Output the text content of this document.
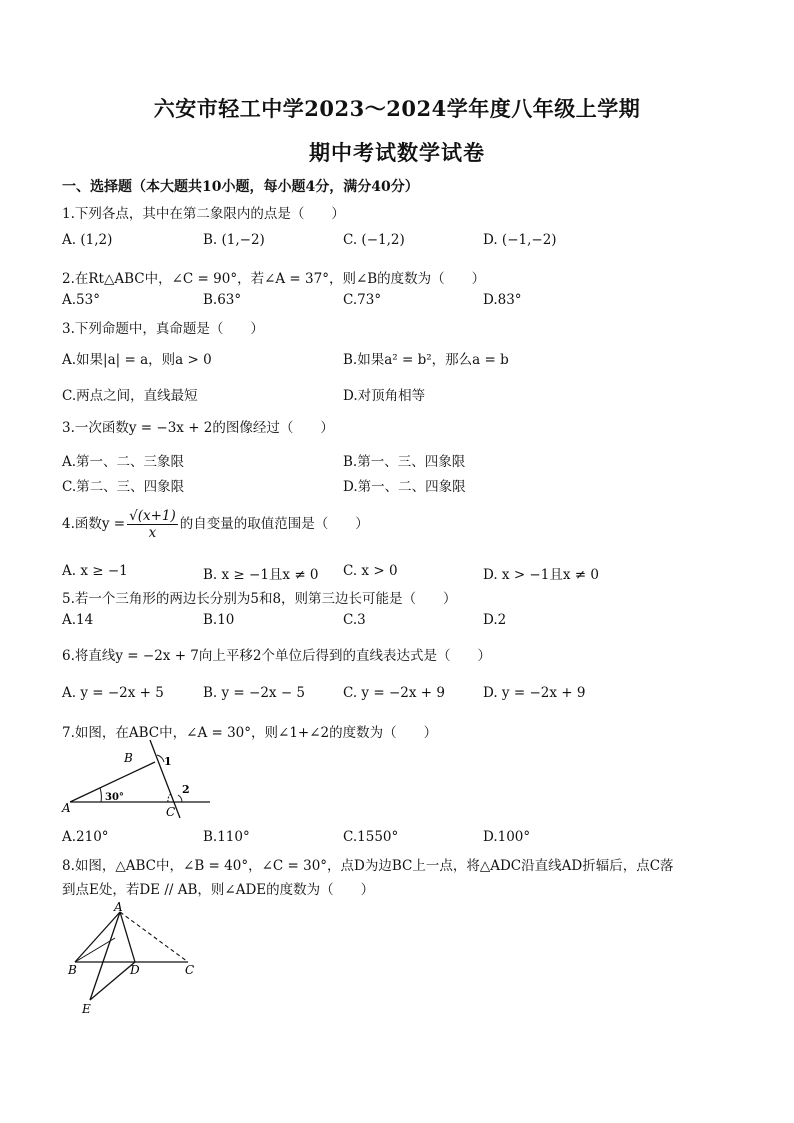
六安市轻工中学2023～2024学年度八年级上学期
期中考试数学试卷
一、选择题（本大题共10小题，每小题4分，满分40分）
1.下列各点，其中在第二象限内的点是（　　）
A. (1,2)	B. (1,−2)	C. (−1,2)	D. (−1,−2)
2.在Rt△ABC中，∠C = 90°，若∠A = 37°，则∠B的度数为（　　）
A.53°	B.63°	C.73°	D.83°
3.下列命题中，真命题是（　　）
A.如果|a| = a，则a > 0	B.如果a² = b²，那么a = b
C.两点之间，直线最短	D.对顶角相等
3.一次函数y = −3x + 2的图像经过（　　）
A.第一、二、三象限	B.第一、三、四象限
C.第二、三、四象限	D.第一、二、四象限
4.函数$y = \frac{√(x+1)}{x}$ 的自变量的取值范围是（　　）
A. x ≥ −1	B. x ≥ −1且x ≠ 0 C. x > 0	D. x > −1且x ≠ 0
5.若一个三角形的两边长分别为5和8，则第三边长可能是（　　）
A.14	B.10	C.3	D.2
6.将直线y = −2x + 7向上平移2个单位后得到的直线表达式是（　　）
A. y = −2x + 5	B. y = −2x − 5	C. y = −2x + 9	D. y = −2x + 9
7.如图，在ABC中，∠A = 30°，则∠1+∠2的度数为（　　）
A
B
C
1
2
30°
A.210°	B.110°	C.1550°	D.100°
8.如图，△ABC中，∠B = 40°，∠C = 30°，点D为边BC上一点，将△ADC沿直线AD折辐后，点C落
到点E处，若DE // AB，则∠ADE的度数为（　　）
A
B	C
D
E
